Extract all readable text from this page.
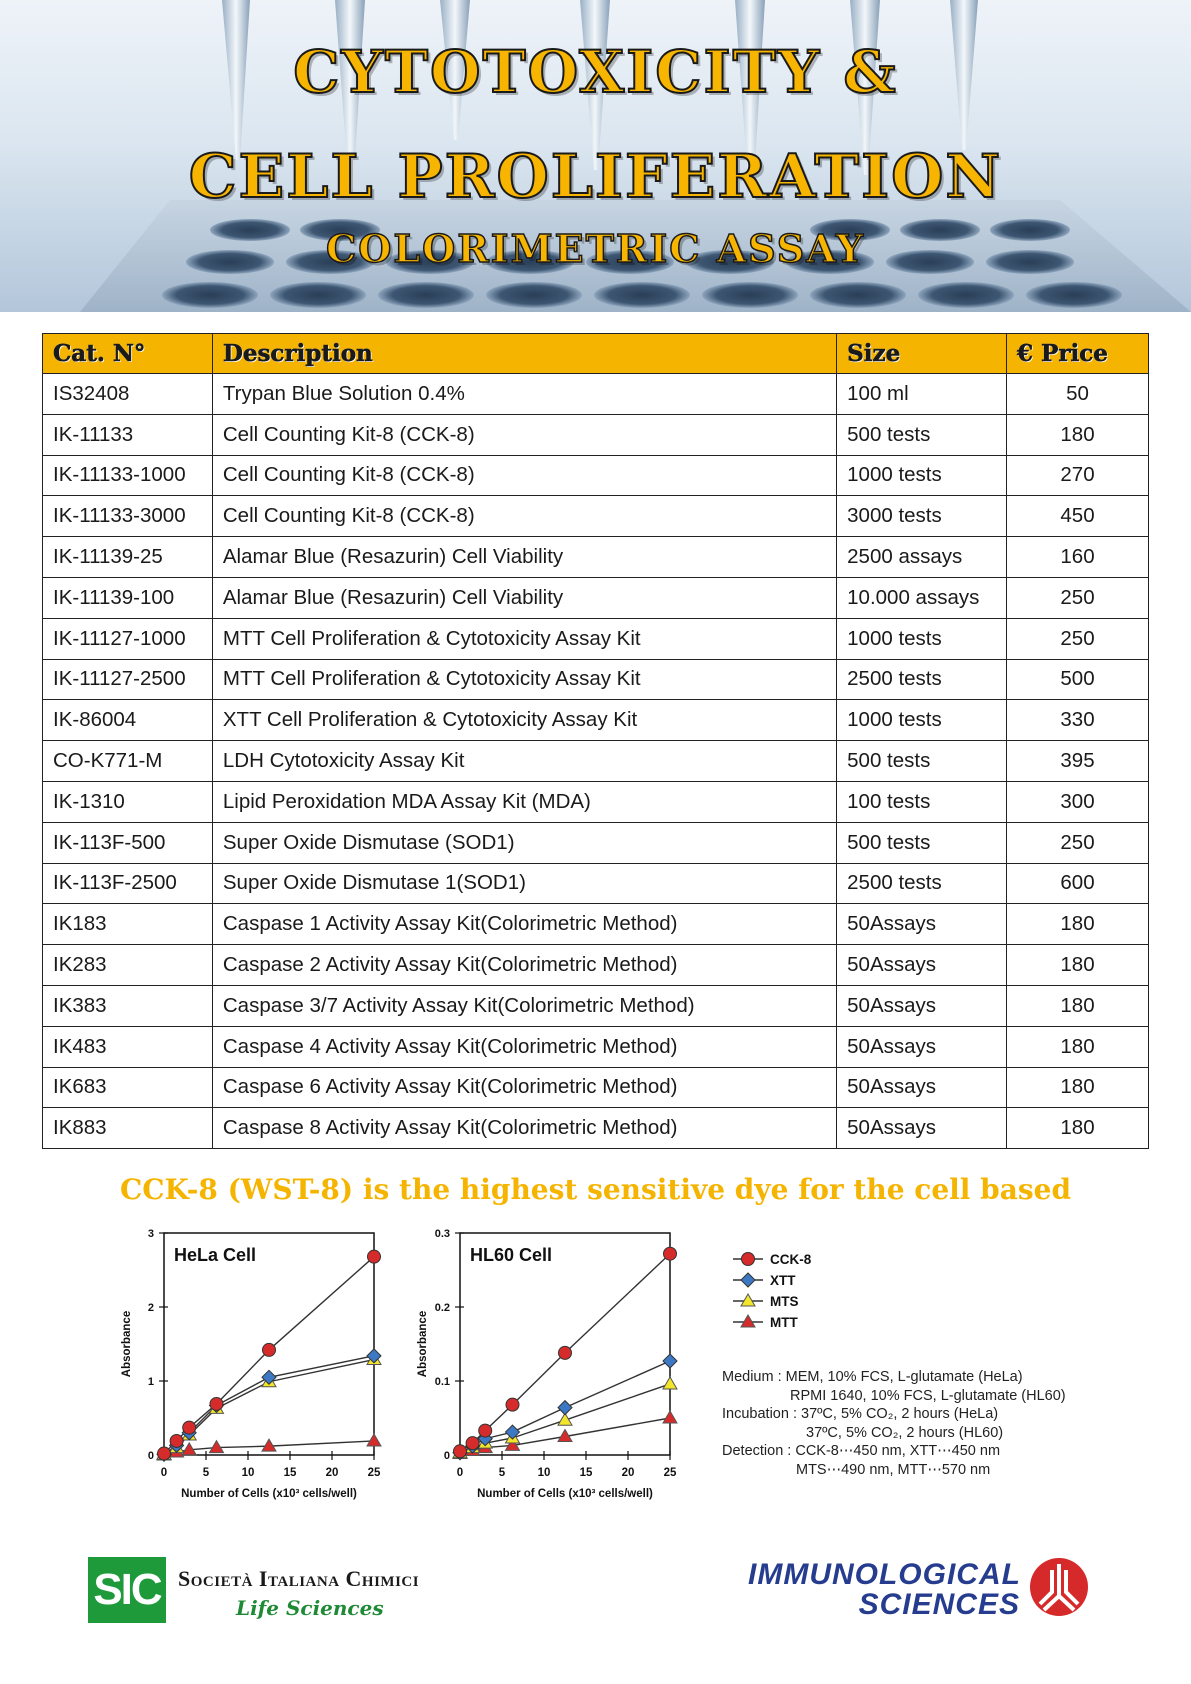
CYTOTOXICITY &
CELL PROLIFERATION
COLORIMETRIC ASSAY
Cat. N°	Description	Size	€ Price
IS32408	Trypan Blue Solution 0.4%	100 ml	50
IK-11133	Cell Counting Kit-8 (CCK-8)	500 tests	180
IK-11133-1000	Cell Counting Kit-8 (CCK-8)	1000 tests	270
IK-11133-3000	Cell Counting Kit-8 (CCK-8)	3000 tests	450
IK-11139-25	Alamar Blue (Resazurin) Cell Viability	2500 assays	160
IK-11139-100	Alamar Blue (Resazurin) Cell Viability	10.000 assays	250
IK-11127-1000	MTT Cell Proliferation & Cytotoxicity Assay Kit	1000 tests	250
IK-11127-2500	MTT Cell Proliferation & Cytotoxicity Assay Kit	2500 tests	500
IK-86004	XTT Cell Proliferation & Cytotoxicity Assay Kit	1000 tests	330
CO-K771-M	LDH Cytotoxicity Assay Kit	500 tests	395
IK-1310	Lipid Peroxidation MDA Assay Kit (MDA)	100 tests	300
IK-113F-500	Super Oxide Dismutase (SOD1)	500 tests	250
IK-113F-2500	Super Oxide Dismutase 1(SOD1)	2500 tests	600
IK183	Caspase 1 Activity Assay Kit(Colorimetric Method)	50Assays	180
IK283	Caspase 2 Activity Assay Kit(Colorimetric Method)	50Assays	180
IK383	Caspase 3/7 Activity Assay Kit(Colorimetric Method)	50Assays	180
IK483	Caspase 4 Activity Assay Kit(Colorimetric Method)	50Assays	180
IK683	Caspase 6 Activity Assay Kit(Colorimetric Method)	50Assays	180
IK883	Caspase 8 Activity Assay Kit(Colorimetric Method)	50Assays	180
CCK-8 (WST-8) is the highest sensitive dye for the cell based
0
1
2
3
0	5	10	15	20	25
HeLa Cell
Number of Cells (x10³ cells/well)
Absorbance
0
0.1
0.2
0.3
0	5	10	15	20	25
HL60 Cell
Number of Cells (x10³ cells/well)
Absorbance
CCK-8
XTT
MTS
MTT
Medium : MEM, 10% FCS, L-glutamate (HeLa)
RPMI 1640, 10% FCS, L-glutamate (HL60)
Incubation : 37ºC, 5% CO₂, 2 hours (HeLa)
37ºC, 5% CO₂, 2 hours (HL60)
Detection : CCK-8⋯450 nm, XTT⋯450 nm
MTS⋯490 nm, MTT⋯570 nm
SIC Società Italiana Chimici
Life Sciences
IMMUNOLOGICAL
SCIENCES
